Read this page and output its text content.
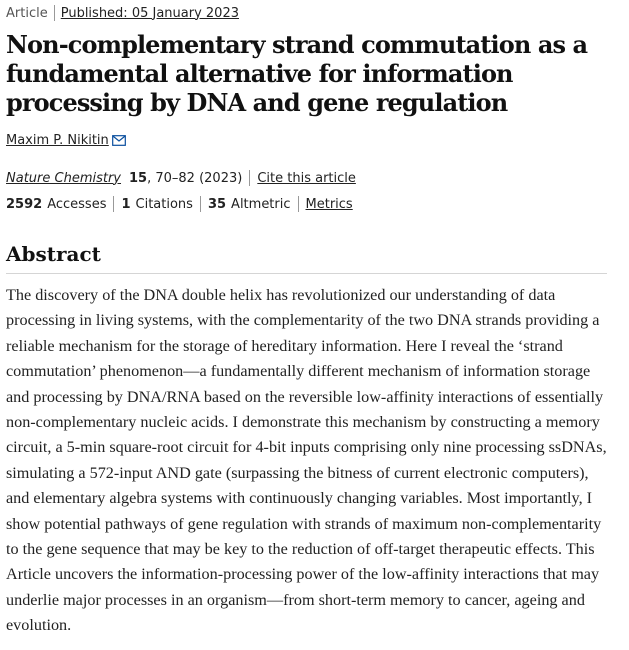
Article Published: 05 January 2023
Non-complementary strand commutation as a fundamental alternative for information processing by DNA and gene regulation
Maxim P. Nikitin
Nature Chemistry 15 , 70–82 (2023) Cite this article
2592 Accesses 1 Citations 35 Altmetric Metrics
Abstract

The discovery of the DNA double helix has revolutionized our understanding of data
processing in living systems, with the complementarity of the two DNA strands providing a
reliable mechanism for the storage of hereditary information. Here I reveal the ‘strand
commutation’ phenomenon—a fundamentally different mechanism of information storage
and processing by DNA/RNA based on the reversible low-affinity interactions of essentially
non-complementary nucleic acids. I demonstrate this mechanism by constructing a memory
circuit, a 5-min square-root circuit for 4-bit inputs comprising only nine processing ssDNAs,
simulating a 572-input AND gate (surpassing the bitness of current electronic computers),
and elementary algebra systems with continuously changing variables. Most importantly, I
show potential pathways of gene regulation with strands of maximum non-complementarity
to the gene sequence that may be key to the reduction of off-target therapeutic effects. This
Article uncovers the information-processing power of the low-affinity interactions that may
underlie major processes in an organism—from short-term memory to cancer, ageing and
evolution.
